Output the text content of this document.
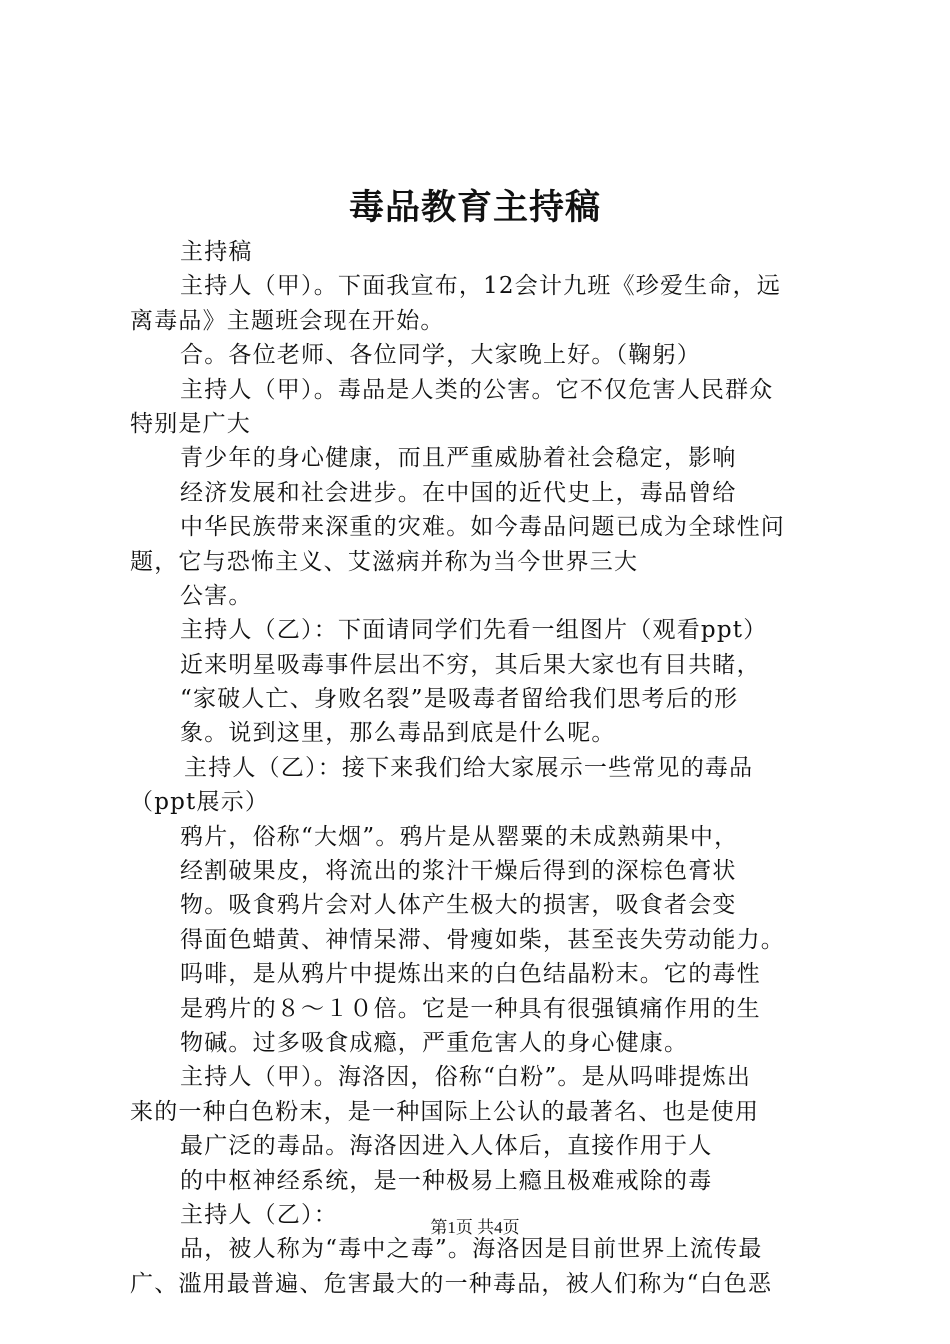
毒品教育主持稿
主持稿
主持人（甲）。下面我宣布，12会计九班《珍爱生命，远
离毒品》主题班会现在开始。
合。各位老师、各位同学，大家晚上好。（鞠躬）
主持人（甲）。毒品是人类的公害。它不仅危害人民群众
特别是广大
青少年的身心健康，而且严重威胁着社会稳定，影响
经济发展和社会进步。在中国的近代史上，毒品曾给
中华民族带来深重的灾难。如今毒品问题已成为全球性问
题，它与恐怖主义、艾滋病并称为当今世界三大
公害。
主持人（乙）：下面请同学们先看一组图片（观看ppt）
近来明星吸毒事件层出不穷，其后果大家也有目共睹，
“家破人亡、身败名裂”是吸毒者留给我们思考后的形
象。说到这里，那么毒品到底是什么呢。
主持人（乙）：接下来我们给大家展示一些常见的毒品
（ppt展示）
鸦片，俗称“大烟”。鸦片是从罂粟的未成熟蒴果中，
经割破果皮，将流出的浆汁干燥后得到的深棕色膏状
物。吸食鸦片会对人体产生极大的损害，吸食者会变
得面色蜡黄、神情呆滞、骨瘦如柴，甚至丧失劳动能力。
吗啡，是从鸦片中提炼出来的白色结晶粉末。它的毒性
是鸦片的８～１０倍。它是一种具有很强镇痛作用的生
物碱。过多吸食成瘾，严重危害人的身心健康。
主持人（甲）。海洛因，俗称“白粉”。是从吗啡提炼出
来的一种白色粉末，是一种国际上公认的最著名、也是使用
最广泛的毒品。海洛因进入人体后，直接作用于人
的中枢神经系统，是一种极易上瘾且极难戒除的毒
主持人（乙）：
品，被人称为“毒中之毒”。海洛因是目前世界上流传最
广、滥用最普遍、危害最大的一种毒品，被人们称为“白色恶
第1页 共4页
